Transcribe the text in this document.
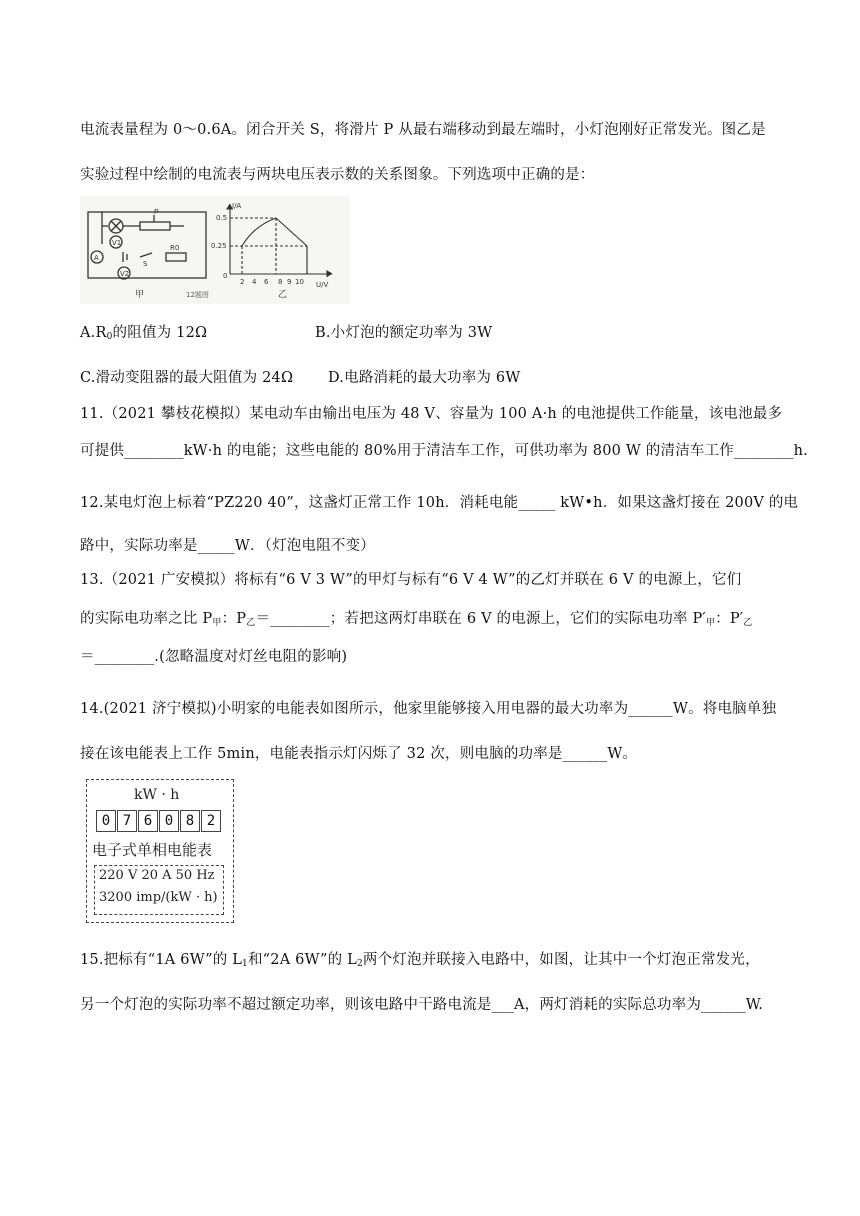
电流表量程为 0～0.6A。闭合开关 S，将滑片 P 从最右端移动到最左端时，小灯泡刚好正常发光。图乙是
实验过程中绘制的电流表与两块电压表示数的关系图象。下列选项中正确的是：
P
V1
A
S
R0
V2
甲	12题图
I/A
U/V
0.5
0.25
0
2 4 6 8 9 10
乙
$A.R_0$的阻值为 12Ω	B.小灯泡的额定功率为 3W
C.滑动变阻器的最大阻值为 24Ω D.电路消耗的最大功率为 6W
11.（2021 攀枝花模拟）某电动车由输出电压为 48 V、容量为 100 A·h 的电池提供工作能量，该电池最多
可提供________kW·h 的电能；这些电能的 80%用于清洁车工作，可供功率为 800 W 的清洁车工作________h.
12.某电灯泡上标着“PZ220 40”，这盏灯正常工作 10h．消耗电能_____ kW•h．如果这盏灯接在 200V 的电
路中，实际功率是_____W．（灯泡电阻不变）
13.（2021 广安模拟）将标有“6 V 3 W”的甲灯与标有“6 V 4 W”的乙灯并联在 6 V 的电源上，它们
的实际电功率之比 $P_甲$：$P_乙=\_\_\_\_\_\_\_\_$；若把这两灯串联在 6 V 的电源上，它们的实际电功率 $P'_甲$：$P'_乙$
＝________.(忽略温度对灯丝电阻的影响)
14.(2021 济宁模拟)小明家的电能表如图所示，他家里能够接入用电器的最大功率为______W。将电脑单独
接在该电能表上工作 5min，电能表指示灯闪烁了 32 次，则电脑的功率是______W。
kW · h
0 7 6 0 8 2
电子式单相电能表
220 V 20 A 50 Hz
3200 imp/(kW · h)
15.把标有“1A 6W”的 $L_1$和“2A 6W”的 $L_2$两个灯泡并联接入电路中，如图，让其中一个灯泡正常发光，
另一个灯泡的实际功率不超过额定功率，则该电路中干路电流是___A，两灯消耗的实际总功率为______W.
